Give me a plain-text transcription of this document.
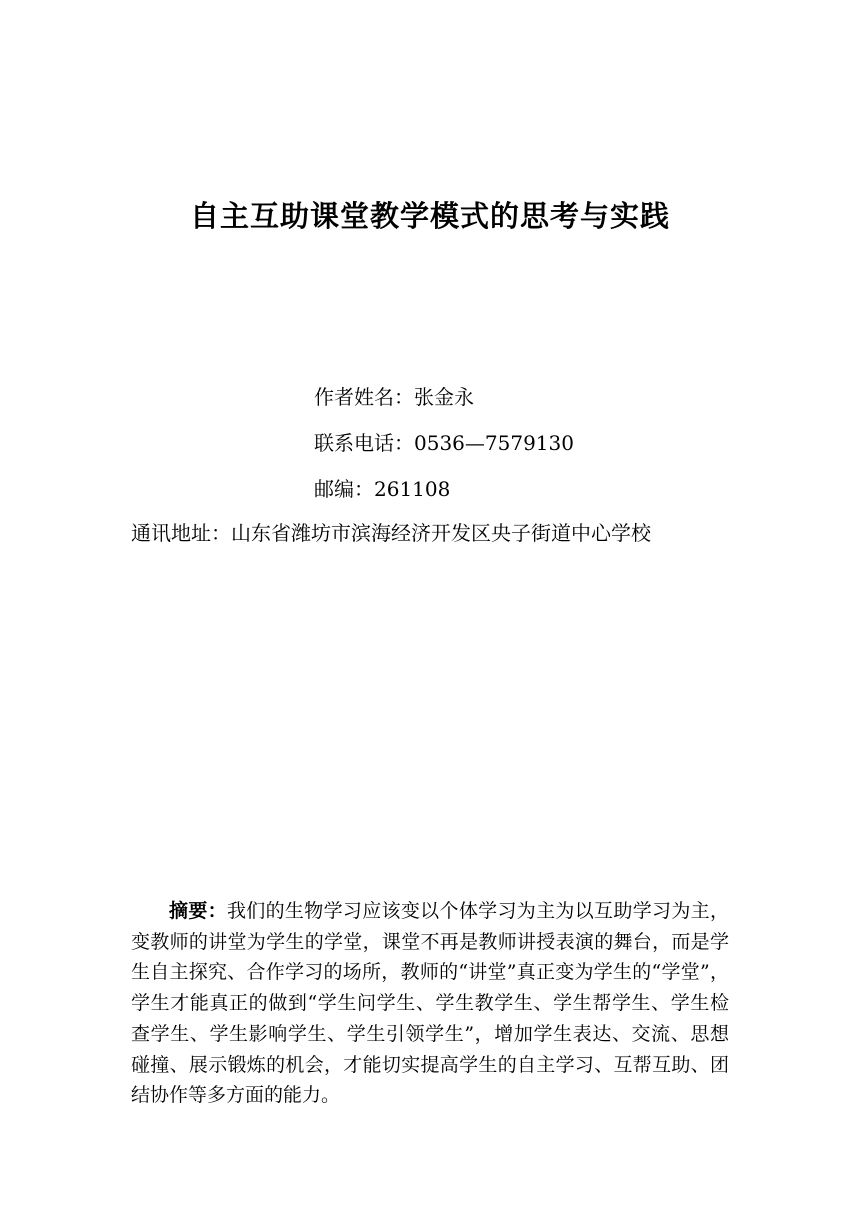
自主互助课堂教学模式的思考与实践

作者姓名：张金永

联系电话：0536—7579130

邮编：261108

通讯地址：山东省潍坊市滨海经济开发区央子街道中心学校

摘要：我们的生物学习应该变以个体学习为主为以互助学习为主，变教师的讲堂为学生的学堂，课堂不再是教师讲授表演的舞台，而是学生自主探究、合作学习的场所，教师的“讲堂”真正变为学生的“学堂”，学生才能真正的做到“学生问学生、学生教学生、学生帮学生、学生检查学生、学生影响学生、学生引领学生”，增加学生表达、交流、思想碰撞、展示锻炼的机会，才能切实提高学生的自主学习、互帮互助、团结协作等多方面的能力。
